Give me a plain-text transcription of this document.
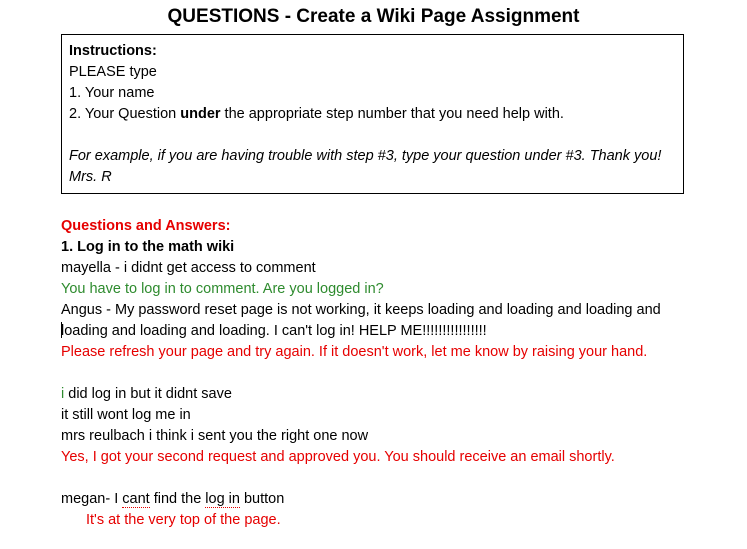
QUESTIONS - Create a Wiki Page Assignment
Instructions:
PLEASE type
1. Your name
2. Your Question under the appropriate step number that you need help with.
For example, if you are having trouble with step #3, type your question under #3. Thank you! Mrs. R
Questions and Answers:
1. Log in to the math wiki
mayella - i didnt get access to comment
You have to log in to comment. Are you logged in?
Angus - My password reset page is not working, it keeps loading and loading and loading and
loading and loading and loading. I can't log in! HELP ME!!!!!!!!!!!!!!!!
Please refresh your page and try again. If it doesn't work, let me know by raising your hand.
i did log in but it didnt save
it still wont log me in
mrs reulbach i think i sent you the right one now
Yes, I got your second request and approved you. You should receive an email shortly.
megan- I cant find the log in button
It's at the very top of the page.
